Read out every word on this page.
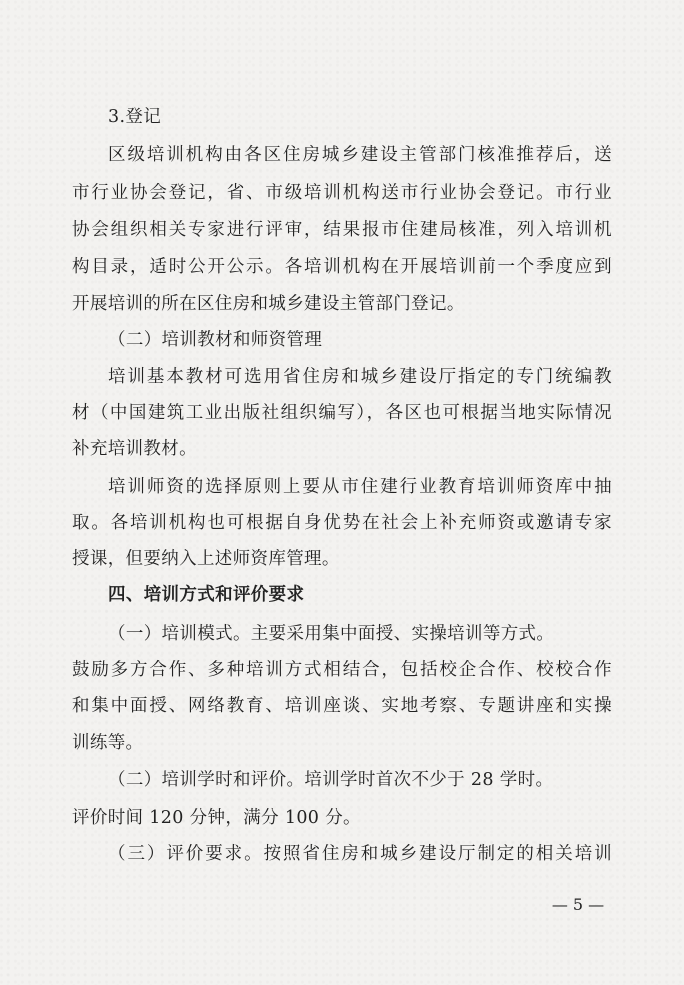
3.登记
区级培训机构由各区住房城乡建设主管部门核准推荐后，送
市行业协会登记，省、市级培训机构送市行业协会登记。市行业
协会组织相关专家进行评审，结果报市住建局核准，列入培训机
构目录，适时公开公示。各培训机构在开展培训前一个季度应到
开展培训的所在区住房和城乡建设主管部门登记。
（二）培训教材和师资管理
培训基本教材可选用省住房和城乡建设厅指定的专门统编教
材（中国建筑工业出版社组织编写），各区也可根据当地实际情况
补充培训教材。
培训师资的选择原则上要从市住建行业教育培训师资库中抽
取。各培训机构也可根据自身优势在社会上补充师资或邀请专家
授课，但要纳入上述师资库管理。
四、培训方式和评价要求
（一）培训模式。主要采用集中面授、实操培训等方式。
鼓励多方合作、多种培训方式相结合，包括校企合作、校校合作
和集中面授、网络教育、培训座谈、实地考察、专题讲座和实操
训练等。
（二）培训学时和评价。培训学时首次不少于 28 学时。
评价时间 120 分钟，满分 100 分。
（三）评价要求。按照省住房和城乡建设厅制定的相关培训
— 5 —
